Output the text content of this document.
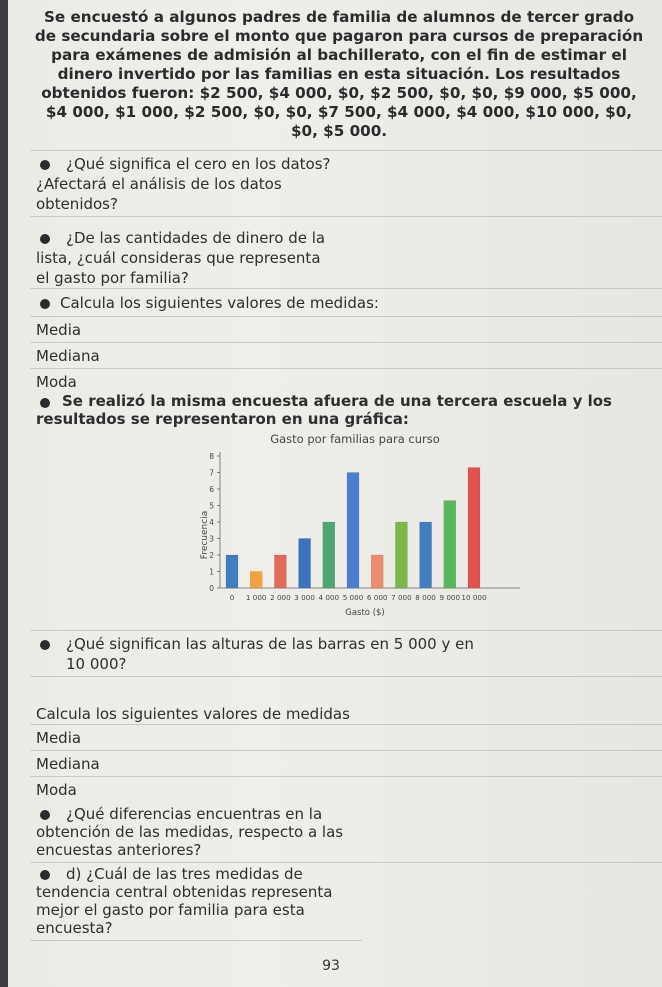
Se encuestó a algunos padres de familia de alumnos de tercer grado de secundaria sobre el monto que pagaron para cursos de preparación para exámenes de admisión al bachillerato, con el fin de estimar el dinero invertido por las familias en esta situación. Los resultados obtenidos fueron: $2 500, $4 000, $0, $2 500, $0, $0, $9 000, $5 000, $4 000, $1 000, $2 500, $0, $0, $7 500, $4 000, $4 000, $10 000, $0, $0, $5 000.
¿Qué significa el cero en los datos?
¿Afectará el análisis de los datos
obtenidos?
¿De las cantidades de dinero de la
lista, ¿cuál consideras que representa
el gasto por familia?
Calcula los siguientes valores de medidas:
Media
Mediana
Moda
Se realizó la misma encuesta afuera de una tercera escuela y los
resultados se representaron en una gráfica:
Gasto por familias para curso
Frecuencia
Gasto ($)
0
1
2
3
4
5
6
7
8
0 1 000 2 000 3 000 4 000 5 000 6 000 7 000 8 000 9 000 10 000
¿Qué significan las alturas de las barras en 5 000 y en
10 000?
Calcula los siguientes valores de medidas
Media
Mediana
Moda
¿Qué diferencias encuentras en la
obtención de las medidas, respecto a las
encuestas anteriores?
d) ¿Cuál de las tres medidas de
tendencia central obtenidas representa
mejor el gasto por familia para esta
encuesta?
93
